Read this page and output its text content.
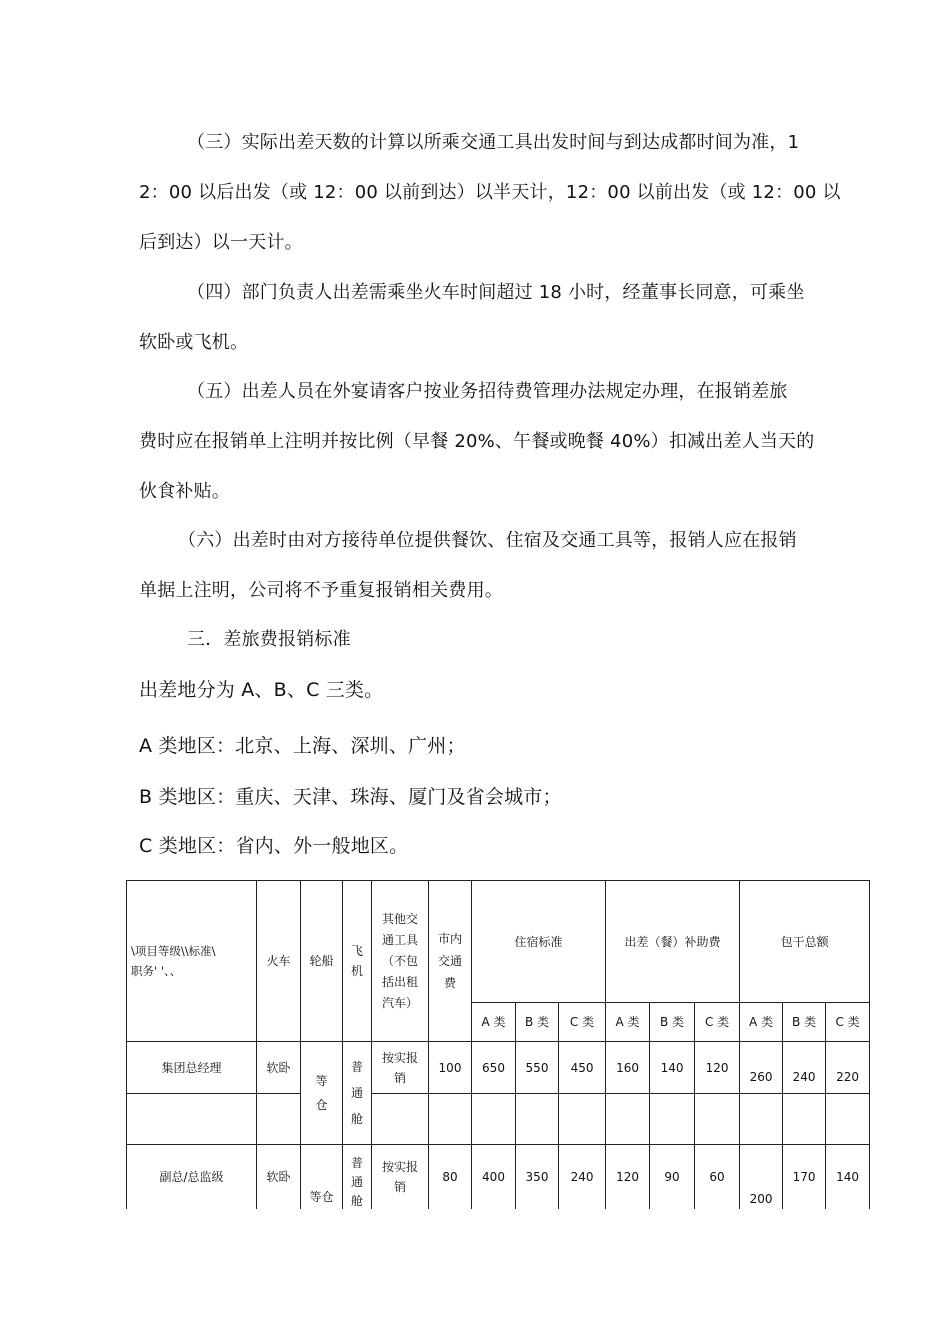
（三）实际出差天数的计算以所乘交通工具出发时间与到达成都时间为准，1
2：00 以后出发（或 12：00 以前到达）以半天计，12：00 以前出发（或 12：00 以
后到达）以一天计。
（四）部门负责人出差需乘坐火车时间超过 18 小时，经董事长同意，可乘坐
软卧或飞机。
（五）出差人员在外宴请客户按业务招待费管理办法规定办理，在报销差旅
费时应在报销单上注明并按比例（早餐 20%、午餐或晚餐 40%）扣减出差人当天的
伙食补贴。
（六）出差时由对方接待单位提供餐饮、住宿及交通工具等，报销人应在报销
单据上注明，公司将不予重复报销相关费用。
三．差旅费报销标准
出差地分为 A、B、C 三类。
A 类地区：北京、上海、深圳、广州；
B 类地区：重庆、天津、珠海、厦门及省会城市；
C 类地区：省内、外一般地区。
\项目等级\\标准\
职务' '、、	火车	轮船	飞机	其他交通工具（不包括出租汽车）	市内交通费	住宿标准			出差（餐）补助费			包干总额		
						A 类	B 类	C 类	A 类	B 类	C 类	A 类	B 类	C 类
集团总经理	软卧	等仓	普通舱	按实报销	100	650	550	450	160	140	120	260	240	220

副总/总监级	软卧	等仓	普通舱	按实报销	80	400	350	240	120	90	60	200	170	140
